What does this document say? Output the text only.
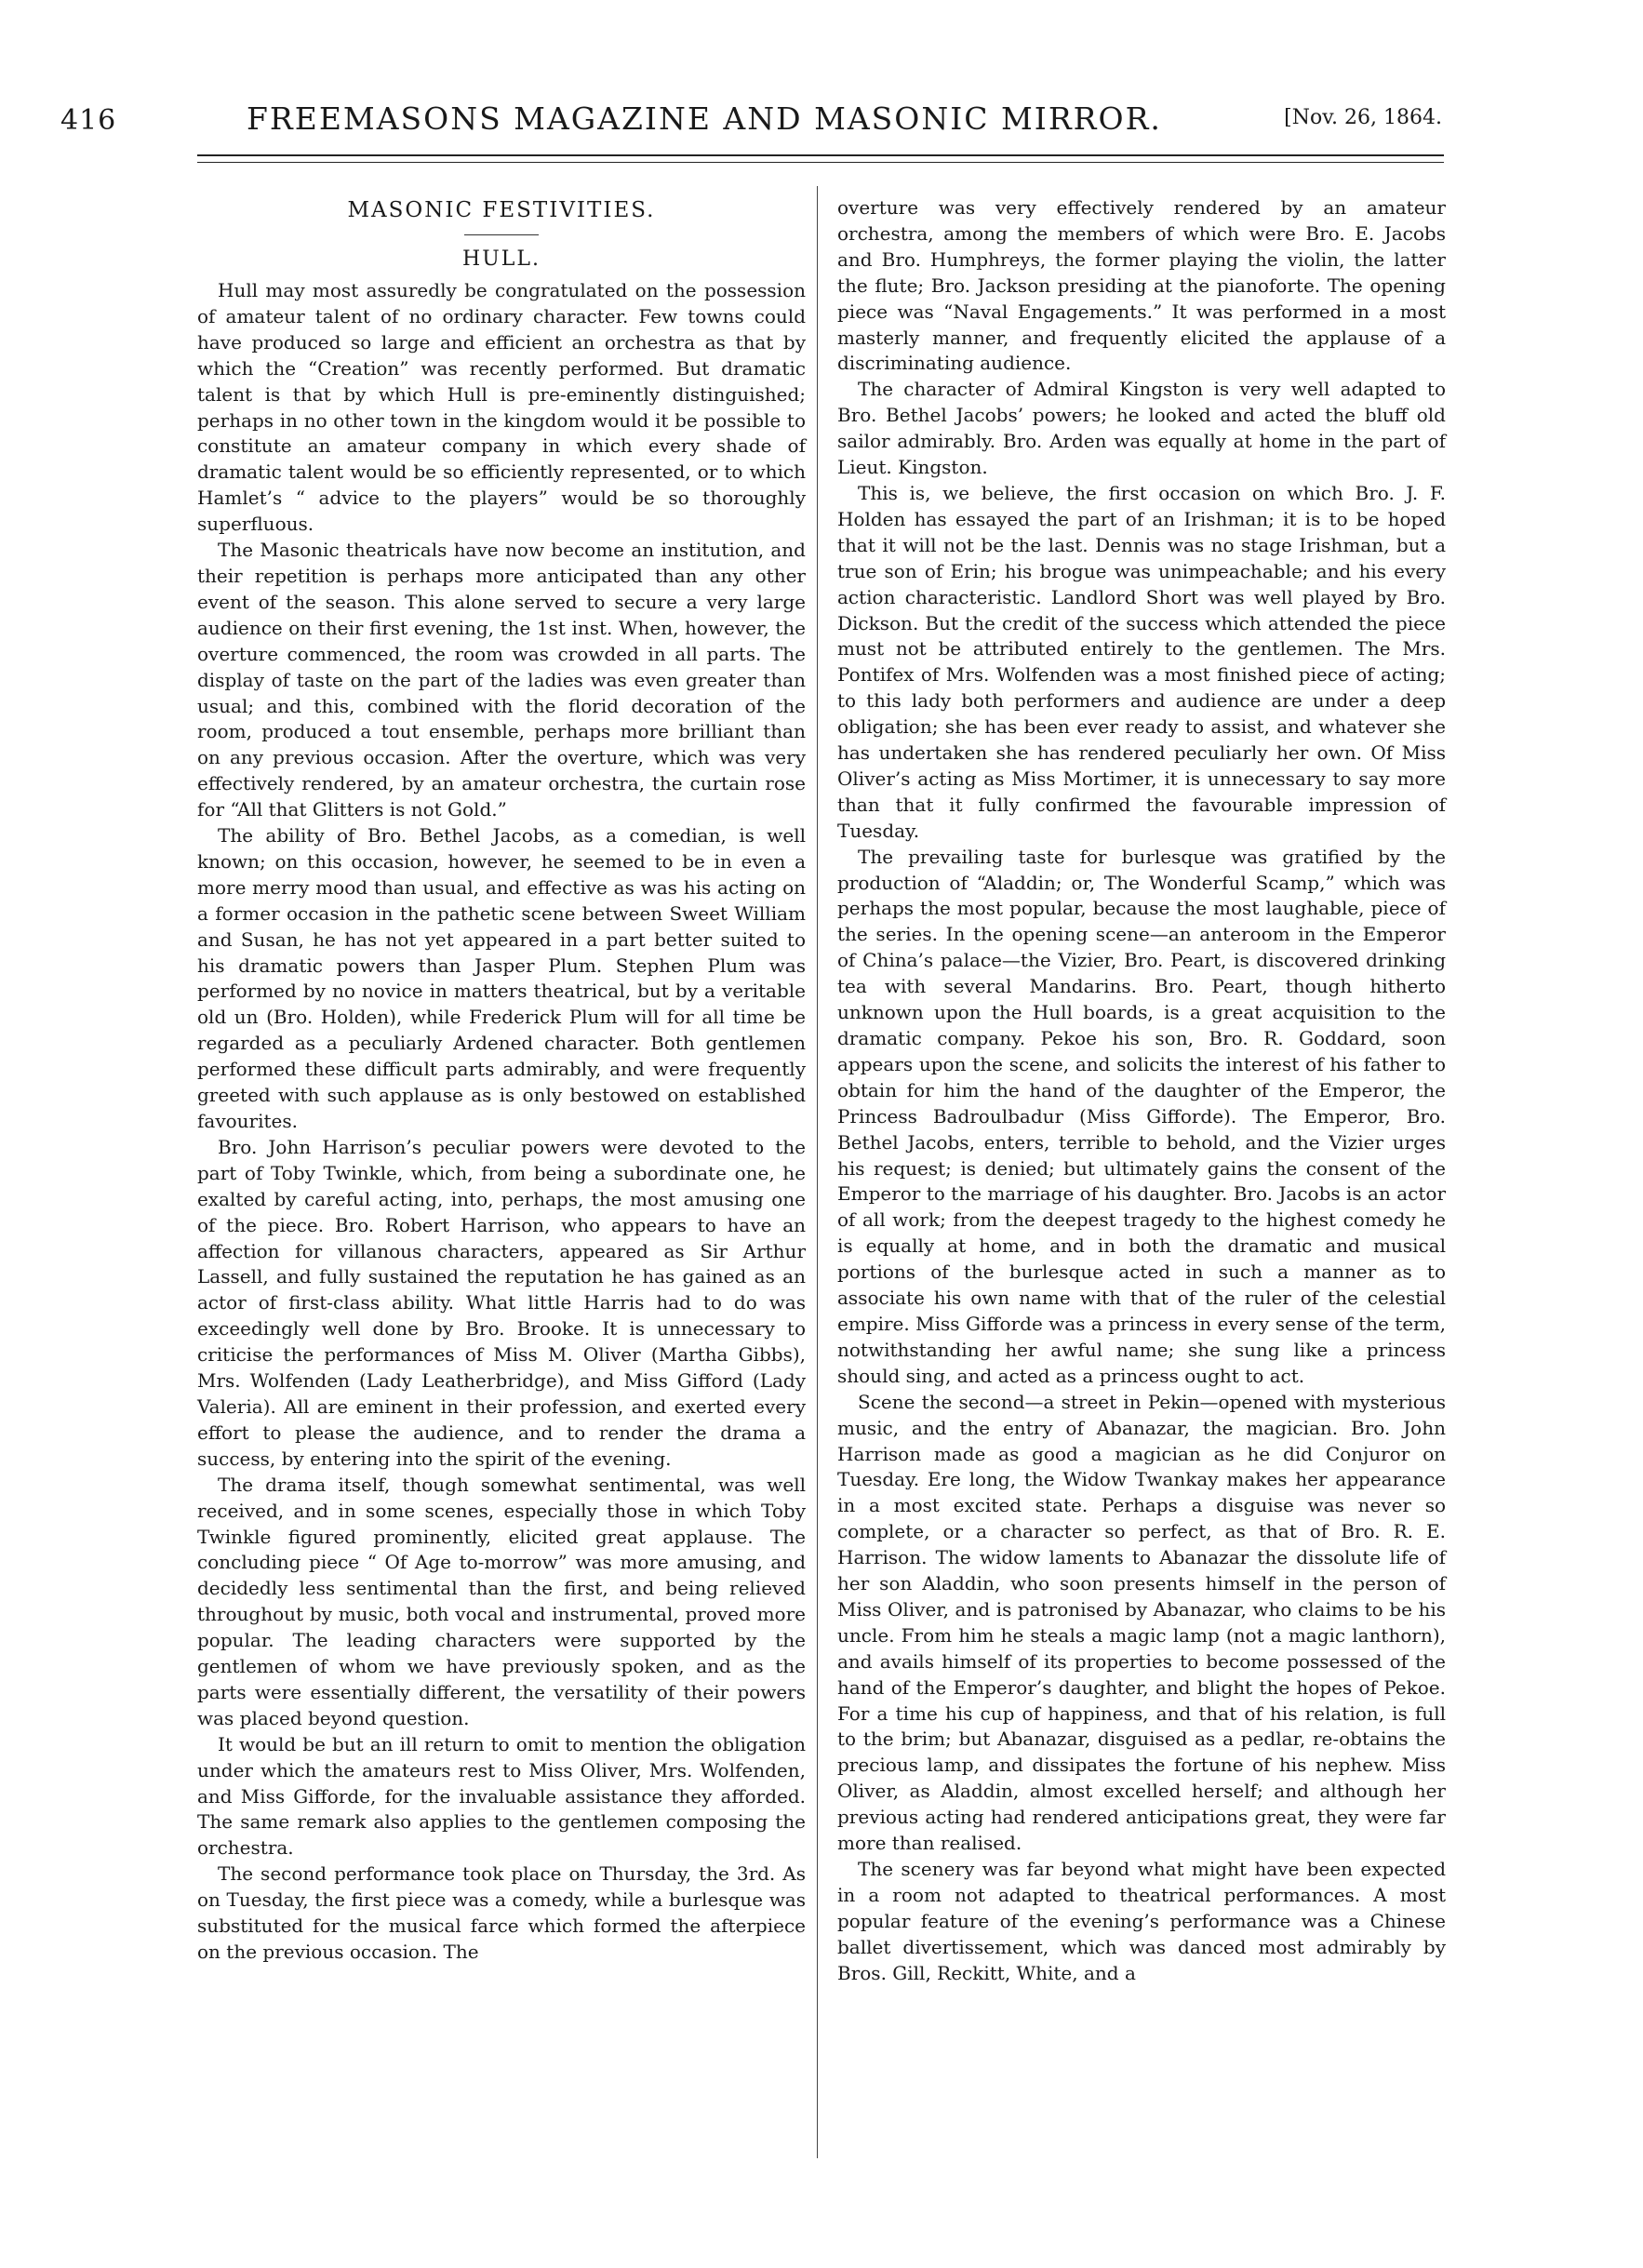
416	FREEMASONS MAGAZINE AND MASONIC MIRROR.	[Nov. 26, 1864.
MASONIC FESTIVITIES.
HULL.

Hull may most assuredly be congratulated on the possession of amateur talent of no ordinary character. Few towns could have produced so large and efficient an orchestra as that by which the “Creation” was recently performed. But dramatic talent is that by which Hull is pre-eminently distinguished; perhaps in no other town in the kingdom would it be possible to constitute an amateur company in which every shade of dramatic talent would be so efficiently represented, or to which Hamlet’s “ advice to the players” would be so thoroughly superfluous.

The Masonic theatricals have now become an institution, and their repetition is perhaps more anticipated than any other event of the season. This alone served to secure a very large audience on their first evening, the 1st inst. When, however, the overture commenced, the room was crowded in all parts. The display of taste on the part of the ladies was even greater than usual; and this, combined with the florid decoration of the room, produced a tout ensemble, perhaps more brilliant than on any previous occasion. After the overture, which was very effectively rendered, by an amateur orchestra, the curtain rose for “All that Glitters is not Gold.”

The ability of Bro. Bethel Jacobs, as a comedian, is well known; on this occasion, however, he seemed to be in even a more merry mood than usual, and effective as was his acting on a former occasion in the pathetic scene between Sweet William and Susan, he has not yet appeared in a part better suited to his dramatic powers than Jasper Plum. Stephen Plum was performed by no novice in matters theatrical, but by a veritable old un (Bro. Holden), while Frederick Plum will for all time be regarded as a peculiarly Ardened character. Both gentlemen performed these difficult parts admirably, and were frequently greeted with such applause as is only bestowed on established favourites.

Bro. John Harrison’s peculiar powers were devoted to the part of Toby Twinkle, which, from being a subordinate one, he exalted by careful acting, into, perhaps, the most amusing one of the piece. Bro. Robert Harrison, who appears to have an affection for villanous characters, appeared as Sir Arthur Lassell, and fully sustained the reputation he has gained as an actor of first-class ability. What little Harris had to do was exceedingly well done by Bro. Brooke. It is unnecessary to criticise the performances of Miss M. Oliver (Martha Gibbs), Mrs. Wolfenden (Lady Leatherbridge), and Miss Gifford (Lady Valeria). All are eminent in their profession, and exerted every effort to please the audience, and to render the drama a success, by entering into the spirit of the evening.

The drama itself, though somewhat sentimental, was well received, and in some scenes, especially those in which Toby Twinkle figured prominently, elicited great applause. The concluding piece “ Of Age to-morrow” was more amusing, and decidedly less sentimental than the first, and being relieved throughout by music, both vocal and instrumental, proved more popular. The leading characters were supported by the gentlemen of whom we have previously spoken, and as the parts were essentially different, the versatility of their powers was placed beyond question.

It would be but an ill return to omit to mention the obligation under which the amateurs rest to Miss Oliver, Mrs. Wolfenden, and Miss Gifforde, for the invaluable assistance they afforded. The same remark also applies to the gentlemen composing the orchestra.

The second performance took place on Thursday, the 3rd. As on Tuesday, the first piece was a comedy, while a burlesque was substituted for the musical farce which formed the afterpiece on the previous occasion. The

overture was very effectively rendered by an amateur orchestra, among the members of which were Bro. E. Jacobs and Bro. Humphreys, the former playing the violin, the latter the flute; Bro. Jackson presiding at the pianoforte. The opening piece was “Naval Engagements.” It was performed in a most masterly manner, and frequently elicited the applause of a discriminating audience.

The character of Admiral Kingston is very well adapted to Bro. Bethel Jacobs’ powers; he looked and acted the bluff old sailor admirably. Bro. Arden was equally at home in the part of Lieut. Kingston.

This is, we believe, the first occasion on which Bro. J. F. Holden has essayed the part of an Irishman; it is to be hoped that it will not be the last. Dennis was no stage Irishman, but a true son of Erin; his brogue was unimpeachable; and his every action characteristic. Landlord Short was well played by Bro. Dickson. But the credit of the success which attended the piece must not be attributed entirely to the gentlemen. The Mrs. Pontifex of Mrs. Wolfenden was a most finished piece of acting; to this lady both performers and audience are under a deep obligation; she has been ever ready to assist, and whatever she has undertaken she has rendered peculiarly her own. Of Miss Oliver’s acting as Miss Mortimer, it is unnecessary to say more than that it fully confirmed the favourable impression of Tuesday.

The prevailing taste for burlesque was gratified by the production of “Aladdin; or, The Wonderful Scamp,” which was perhaps the most popular, because the most laughable, piece of the series. In the opening scene—an anteroom in the Emperor of China’s palace—the Vizier, Bro. Peart, is discovered drinking tea with several Mandarins. Bro. Peart, though hitherto unknown upon the Hull boards, is a great acquisition to the dramatic company. Pekoe his son, Bro. R. Goddard, soon appears upon the scene, and solicits the interest of his father to obtain for him the hand of the daughter of the Emperor, the Princess Badroulbadur (Miss Gifforde). The Emperor, Bro. Bethel Jacobs, enters, terrible to behold, and the Vizier urges his request; is denied; but ultimately gains the consent of the Emperor to the marriage of his daughter. Bro. Jacobs is an actor of all work; from the deepest tragedy to the highest comedy he is equally at home, and in both the dramatic and musical portions of the burlesque acted in such a manner as to associate his own name with that of the ruler of the celestial empire. Miss Gifforde was a princess in every sense of the term, notwithstanding her awful name; she sung like a princess should sing, and acted as a princess ought to act.

Scene the second—a street in Pekin—opened with mysterious music, and the entry of Abanazar, the magician. Bro. John Harrison made as good a magician as he did Conjuror on Tuesday. Ere long, the Widow Twankay makes her appearance in a most excited state. Perhaps a disguise was never so complete, or a character so perfect, as that of Bro. R. E. Harrison. The widow laments to Abanazar the dissolute life of her son Aladdin, who soon presents himself in the person of Miss Oliver, and is patronised by Abanazar, who claims to be his uncle. From him he steals a magic lamp (not a magic lanthorn), and avails himself of its properties to become possessed of the hand of the Emperor’s daughter, and blight the hopes of Pekoe. For a time his cup of happiness, and that of his relation, is full to the brim; but Abanazar, disguised as a pedlar, re-obtains the precious lamp, and dissipates the fortune of his nephew. Miss Oliver, as Aladdin, almost excelled herself; and although her previous acting had rendered anticipations great, they were far more than realised.

The scenery was far beyond what might have been expected in a room not adapted to theatrical performances. A most popular feature of the evening’s performance was a Chinese ballet divertissement, which was danced most admirably by Bros. Gill, Reckitt, White, and a
